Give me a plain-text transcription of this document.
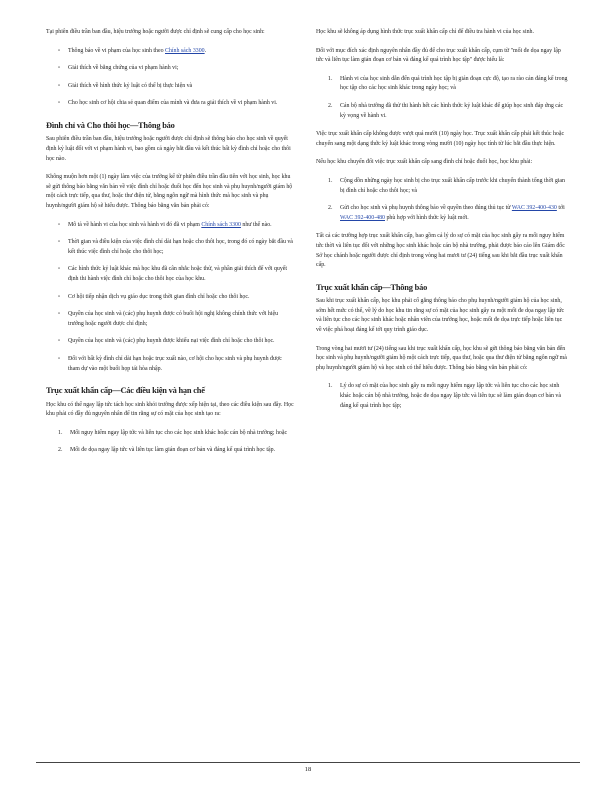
Tại phiên điều trần ban đầu, hiệu trưởng hoặc người được chỉ định sẽ cung cấp cho học sinh:

▫ Thông báo về vi phạm của học sinh theo Chính sách 3300.
▫ Giải thích về bằng chứng của vi phạm hành vi;
▫ Giải thích về hình thức kỷ luật có thể bị thực hiện và
▫ Cho học sinh cơ hội chia sẻ quan điểm của mình và đưa ra giải thích về vi phạm hành vi.
Đình chỉ và Cho thôi học—Thông báo

Sau phiên điều trần ban đầu, hiệu trưởng hoặc người được chỉ định sẽ thông báo cho học sinh về quyết định kỷ luật đối với vi phạm hành vi, bao gồm cả ngày bắt đầu và kết thúc bất kỳ đình chỉ hoặc cho thôi học nào.

Không muộn hơn một (1) ngày làm việc của trường kể từ phiên điều trần đầu tiên với học sinh, học khu sẽ gửi thông báo bằng văn bản về việc đình chỉ hoặc đuổi học đến học sinh và phụ huynh/người giám hộ một cách trực tiếp, qua thư, hoặc thư điện tử, bằng ngôn ngữ mà hình thức mà học sinh và phụ huynh/người giám hộ sẽ hiểu được. Thông báo bằng văn bản phải có:

▫ Mô tả về hành vi của học sinh và hành vi đó đã vi phạm Chính sách 3300 như thế nào.
▫ Thời gian và điều kiện của việc đình chỉ dài hạn hoặc cho thôi học, trong đó có ngày bắt đầu và kết thúc việc đình chỉ hoặc cho thôi học;
▫ Các hình thức kỷ luật khác mà học khu đã cân nhắc hoặc thử, và phần giải thích để với quyết định thi hành việc đình chỉ hoặc cho thôi học của học khu.
▫ Cơ hội tiếp nhận dịch vụ giáo dục trong thời gian đình chỉ hoặc cho thôi học.
▫ Quyền của học sinh và (các) phụ huynh được có buổi hội nghị không chính thức với hiệu trưởng hoặc người được chỉ định;
▫ Quyền của học sinh và (các) phụ huynh được khiếu nại việc đình chỉ hoặc cho thôi học.
▫ Đối với bất kỳ đình chỉ dài hạn hoặc trục xuất nào, cơ hội cho học sinh và phụ huynh được tham dự vào một buổi họp tái hòa nhập.
Trục xuất khẩn cấp—Các điều kiện và hạn chế

Học khu có thể ngay lập tức tách học sinh khỏi trường được xếp hiện tại, theo các điều kiện sau đây. Học khu phải có đầy đủ nguyên nhân để tin rằng sự có mặt của học sinh tạo ra:

1. Mối nguy hiểm ngay lập tức và liên tục cho các học sinh khác hoặc cán bộ nhà trường; hoặc
2. Mối đe dọa ngay lập tức và liên tục làm gián đoạn cơ bản và đáng kể quá trình học tập.

Học khu sẽ không áp dụng hình thức trục xuất khẩn cấp chỉ để điều tra hành vi của học sinh.

Đối với mục đích xác định nguyên nhân đầy đủ để cho trục xuất khẩn cấp, cụm từ "mối đe dọa ngay lập tức và liên tục làm gián đoạn cơ bản và đáng kể quá trình học tập" được hiểu là:

1. Hành vi của học sinh dẫn đến quá trình học tập bị gián đoạn cực độ, tạo ra rào cản đáng kể trong học tập cho các học sinh khác trong ngày học; và
2. Cán bộ nhà trường đã thử thi hành hết các hình thức kỷ luật khác để giúp học sinh đáp ứng các kỳ vọng về hành vi.

Việc trục xuất khẩn cấp không được vượt quá mười (10) ngày học. Trục xuất khẩn cấp phải kết thúc hoặc chuyển sang một dạng thức kỷ luật khác trong vòng mười (10) ngày học tính từ lúc bắt đầu thực hiện.

Nếu học khu chuyển đổi việc trục xuất khẩn cấp sang đình chỉ hoặc đuổi học, học khu phải:

1. Cộng dồn những ngày học sinh bị cho trục xuất khẩn cấp trước khi chuyển thành tổng thời gian bị đình chỉ hoặc cho thôi học; và
2. Gửi cho học sinh và phụ huynh thông báo về quyền theo đúng thủ tục từ WAC 392-400-430 tới WAC 392-400-480 phù hợp với hình thức kỷ luật mới.

Tất cả các trường hợp trục xuất khẩn cấp, bao gồm cả lý do sự có mặt của học sinh gây ra mối nguy hiểm tức thời và liên tục đối với những học sinh khác hoặc cán bộ nhà trường, phải được báo cáo lên Giám đốc Sở học chánh hoặc người được chỉ định trong vòng hai mươi tư (24) tiếng sau khi bắt đầu trục xuất khẩn cấp.

Trục xuất khẩn cấp—Thông báo

Sau khi trục xuất khẩn cấp, học khu phải cố gắng thông báo cho phụ huynh/người giám hộ của học sinh, sớm hết mức có thể, về lý do học khu tin rằng sự có mặt của học sinh gây ra một mối đe dọa ngay lập tức và liên tục cho các học sinh khác hoặc nhân viên của trường học, hoặc mối đe dọa trực tiếp hoặc liên tục về việc phá hoại đáng kể tới quy trình giáo dục.

Trong vòng hai mươi tư (24) tiếng sau khi trục xuất khẩn cấp, học khu sẽ gửi thông báo bằng văn bản đến học sinh và phụ huynh/người giám hộ một cách trực tiếp, qua thư, hoặc qua thư điện tử bằng ngôn ngữ mà phụ huynh/người giám hộ và học sinh có thể hiểu được. Thông báo bằng văn bản phải có:

1. Lý do sự có mặt của học sinh gây ra mối nguy hiểm ngay lập tức và liên tục cho các học sinh khác hoặc cán bộ nhà trường, hoặc đe dọa ngay lập tức và liên tục sẽ làm gián đoạn cơ bản và đáng kể quá trình học tập;
18
